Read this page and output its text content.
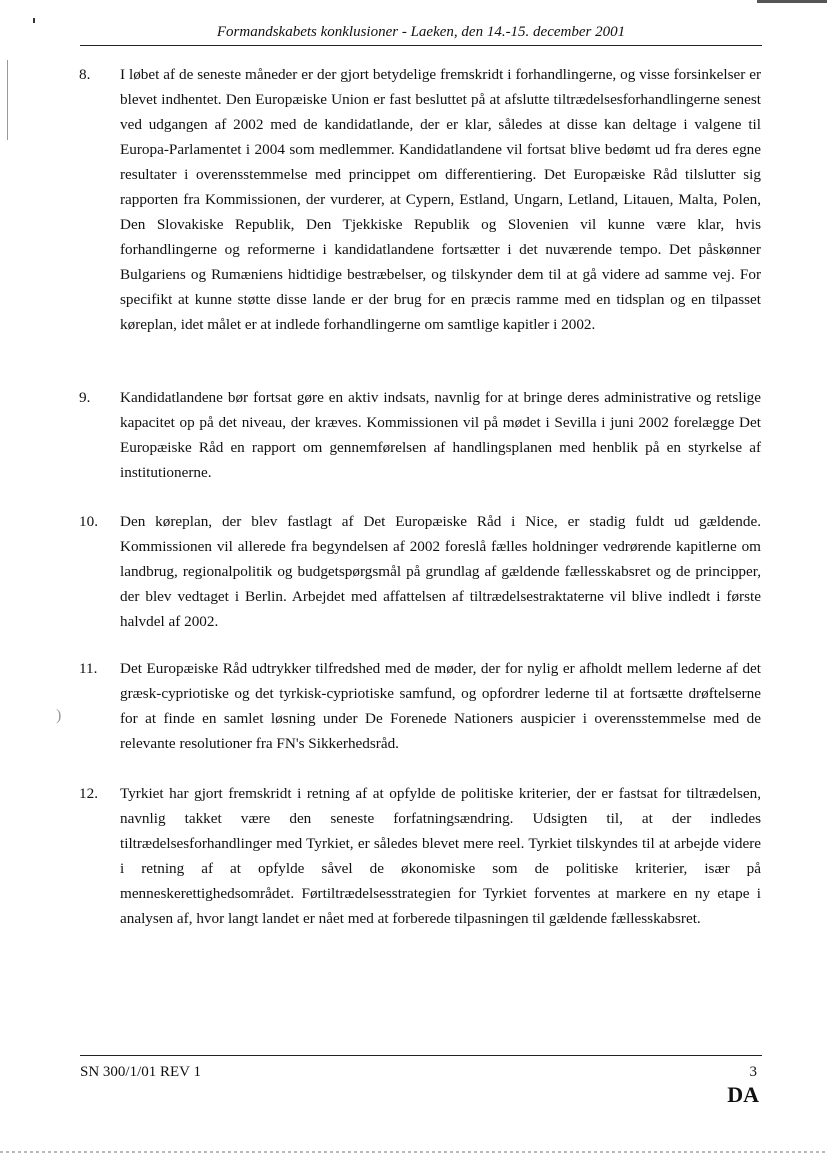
)
Formandskabets konklusioner - Laeken, den 14.-15. december 2001
8.	I løbet af de seneste måneder er der gjort betydelige fremskridt i forhandlingerne, og visse forsinkelser er blevet indhentet. Den Europæiske Union er fast besluttet på at afslutte tiltrædelsesforhandlingerne senest ved udgangen af 2002 med de kandidatlande, der er klar, således at disse kan deltage i valgene til Europa-Parlamentet i 2004 som medlemmer. Kandidatlandene vil fortsat blive bedømt ud fra deres egne resultater i overensstemmelse med princippet om differentiering. Det Europæiske Råd tilslutter sig rapporten fra Kommissionen, der vurderer, at Cypern, Estland, Ungarn, Letland, Litauen, Malta, Polen, Den Slovakiske Republik, Den Tjekkiske Republik og Slovenien vil kunne være klar, hvis forhandlingerne og reformerne i kandidatlandene fortsætter i det nuværende tempo. Det påskønner Bulgariens og Rumæniens hidtidige bestræbelser, og tilskynder dem til at gå videre ad samme vej. For specifikt at kunne støtte disse lande er der brug for en præcis ramme med en tidsplan og en tilpasset køreplan, idet målet er at indlede forhandlingerne om samtlige kapitler i 2002.
9.	Kandidatlandene bør fortsat gøre en aktiv indsats, navnlig for at bringe deres administrative og retslige kapacitet op på det niveau, der kræves. Kommissionen vil på mødet i Sevilla i juni 2002 forelægge Det Europæiske Råd en rapport om gennemførelsen af handlingsplanen med henblik på en styrkelse af institutionerne.
10.	Den køreplan, der blev fastlagt af Det Europæiske Råd i Nice, er stadig fuldt ud gældende. Kommissionen vil allerede fra begyndelsen af 2002 foreslå fælles holdninger vedrørende kapitlerne om landbrug, regionalpolitik og budgetspørgsmål på grundlag af gældende fællesskabsret og de principper, der blev vedtaget i Berlin. Arbejdet med affattelsen af tiltrædelsestraktaterne vil blive indledt i første halvdel af 2002.
11.	Det Europæiske Råd udtrykker tilfredshed med de møder, der for nylig er afholdt mellem lederne af det græsk-cypriotiske og det tyrkisk-cypriotiske samfund, og opfordrer lederne til at fortsætte drøftelserne for at finde en samlet løsning under De Forenede Nationers auspicier i overensstemmelse med de relevante resolutioner fra FN's Sikkerhedsråd.
12.	Tyrkiet har gjort fremskridt i retning af at opfylde de politiske kriterier, der er fastsat for tiltrædelsen, navnlig takket være den seneste forfatningsændring. Udsigten til, at der indledes tiltrædelsesforhandlinger med Tyrkiet, er således blevet mere reel. Tyrkiet tilskyndes til at arbejde videre i retning af at opfylde såvel de økonomiske som de politiske kriterier, især på menneskerettighedsområdet. Førtiltrædelsesstrategien for Tyrkiet forventes at markere en ny etape i analysen af, hvor langt landet er nået med at forberede tilpasningen til gældende fællesskabsret.
SN 300/1/01 REV 1	3
DA
